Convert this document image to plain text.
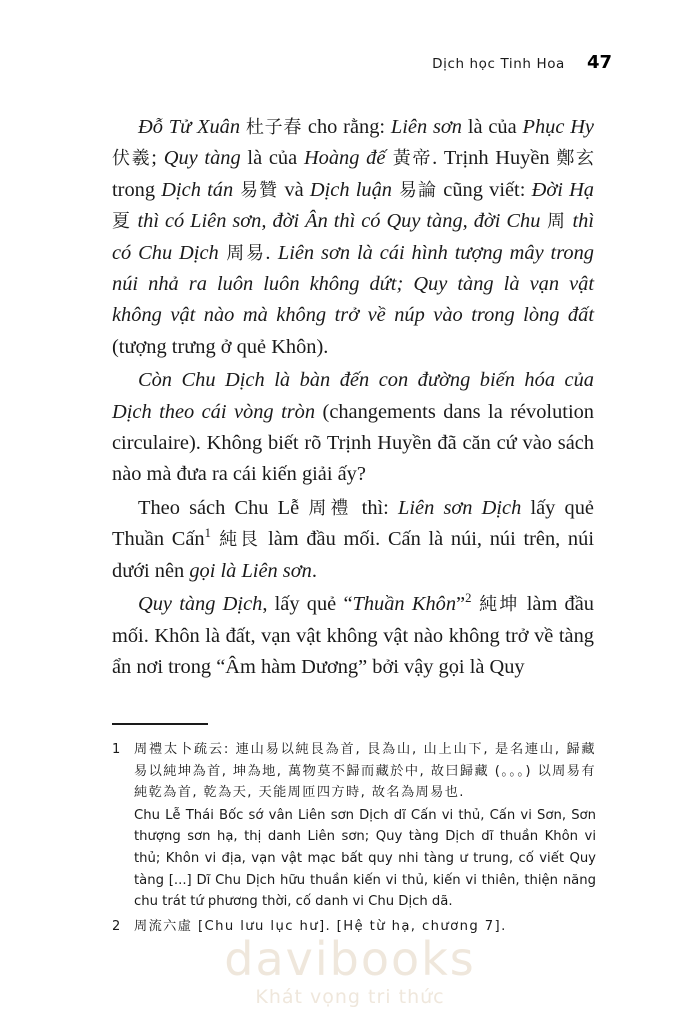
Dịch học Tinh Hoa 47

Đỗ Tử Xuân 杜子春 cho rằng: Liên sơn là của Phục Hy 伏羲; Quy tàng là của Hoàng đế 黃帝. Trịnh Huyền 鄭玄 trong Dịch tán 易贊 và Dịch luận 易論 cũng viết: Đời Hạ 夏 thì có Liên sơn, đời Ân thì có Quy tàng, đời Chu 周 thì có Chu Dịch 周易. Liên sơn là cái hình tượng mây trong núi nhả ra luôn luôn không dứt; Quy tàng là vạn vật không vật nào mà không trở về núp vào trong lòng đất (tượng trưng ở quẻ Khôn).

Còn Chu Dịch là bàn đến con đường biến hóa của Dịch theo cái vòng tròn (changements dans la révolution circulaire). Không biết rõ Trịnh Huyền đã căn cứ vào sách nào mà đưa ra cái kiến giải ấy?

Theo sách Chu Lễ 周禮 thì: Liên sơn Dịch lấy quẻ Thuần Cấn$^1$ 純艮 làm đầu mối. Cấn là núi, núi trên, núi dưới nên gọi là Liên sơn.

Quy tàng Dịch, lấy quẻ “Thuần Khôn”$^2$ 純坤 làm đầu mối. Khôn là đất, vạn vật không vật nào không trở về tàng ẩn nơi trong “Âm hàm Dương” bởi vậy gọi là Quy

1	周禮太卜疏云: 連山易以純艮為首, 艮為山, 山上山下, 是名連山, 歸藏易以純坤為首, 坤為地, 萬物莫不歸而藏於中, 故曰歸藏 (。。。) 以周易有純乾為首, 乾為天, 天能周匝四方時, 故名為周易也.
Chu Lễ Thái Bốc sớ vân Liên sơn Dịch dĩ Cấn vi thủ, Cấn vi Sơn, Sơn thượng sơn hạ, thị danh Liên sơn; Quy tàng Dịch dĩ thuần Khôn vi thủ; Khôn vi địa, vạn vật mạc bất quy nhi tàng ư trung, cố viết Quy tàng [...] Dĩ Chu Dịch hữu thuần kiến vi thủ, kiến vi thiên, thiện năng chu trát tứ phương thời, cố danh vi Chu Dịch dã.
2	周流六虛 [Chu lưu lục hư]. [Hệ từ hạ, chương 7].
davibooks
Khát vọng tri thức
